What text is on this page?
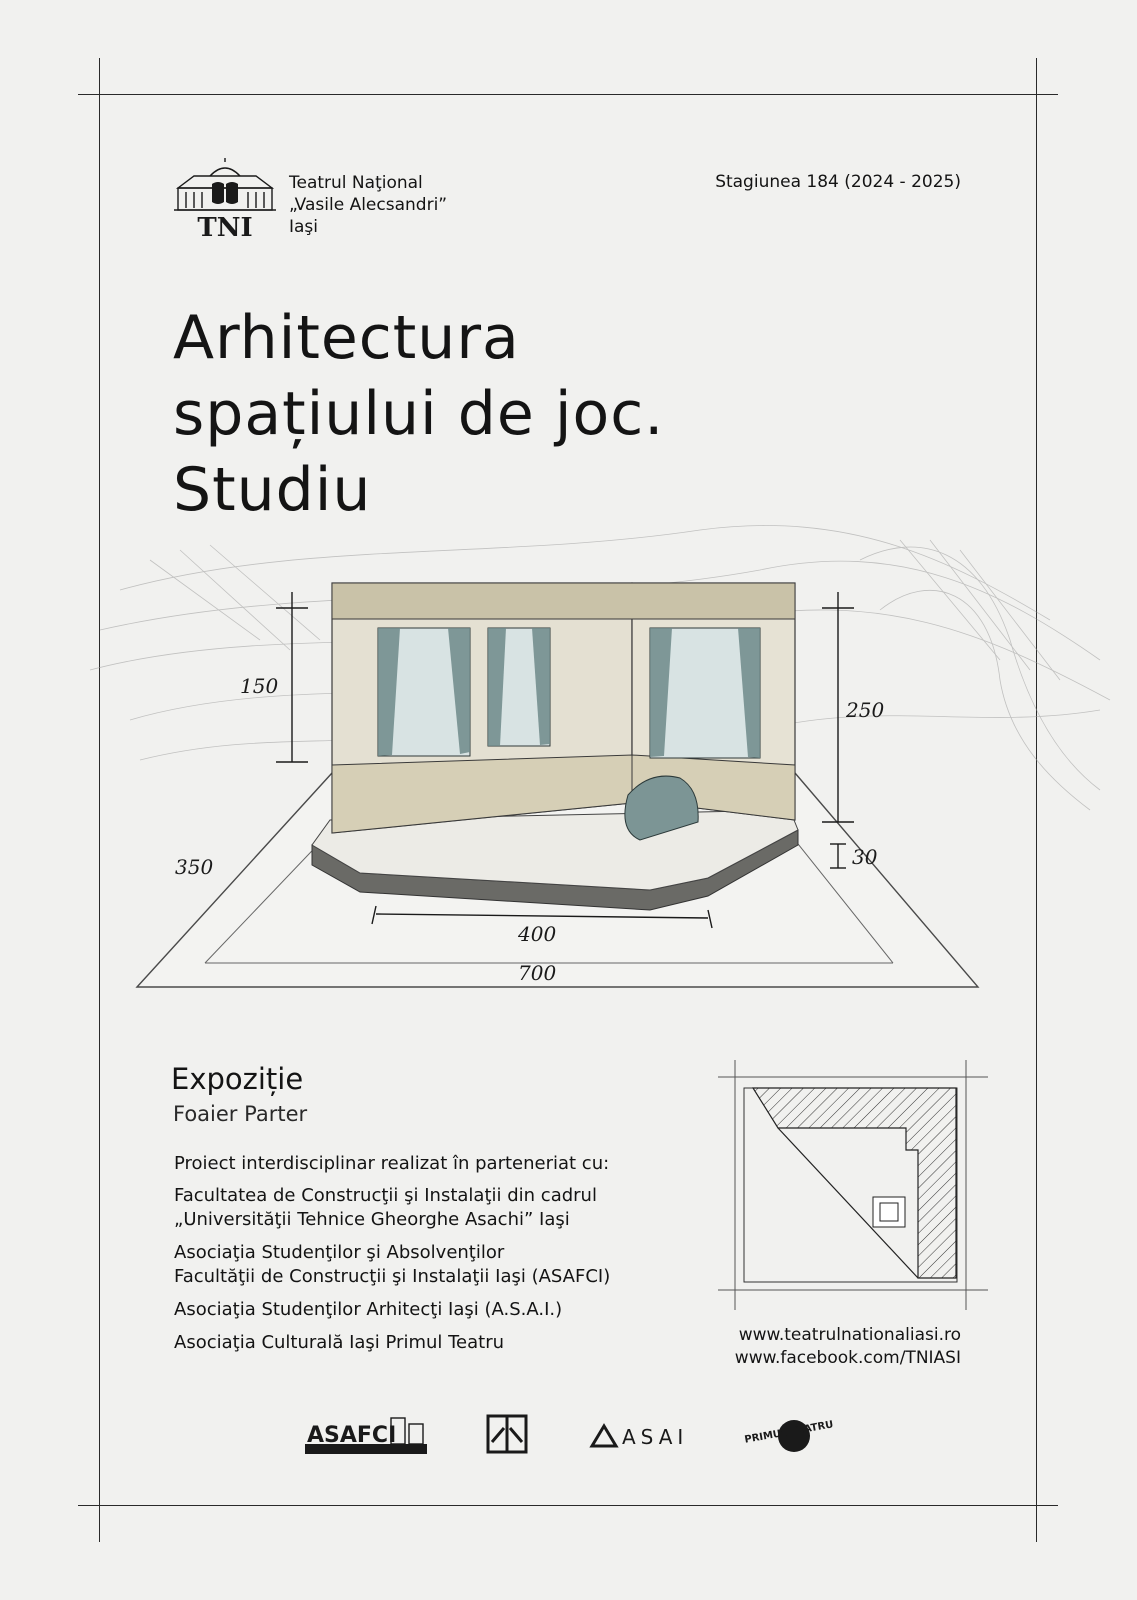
TNI
Teatrul Naţional
„Vasile Alecsandri”
Iaşi
Stagiunea 184 (2024 - 2025)
Arhitectura
spațiului de joc.
Studiu
150
250
30
350
400
700
Expoziție
Foaier Parter
Proiect interdisciplinar realizat în parteneriat cu:
Facultatea de Construcţii şi Instalaţii din cadrul
„Universităţii Tehnice Gheorghe Asachi” Iaşi
Asociaţia Studenţilor şi Absolvenţilor
Facultăţii de Construcţii şi Instalaţii Iaşi (ASAFCI)
Asociaţia Studenţilor Arhitecţi Iaşi (A.S.A.I.)
Asociaţia Culturală Iaşi Primul Teatru	www.teatrulnationaliasi.ro
www.facebook.com/TNIASI
ASAFCI	ASAI	PRIMUL TEATRU
